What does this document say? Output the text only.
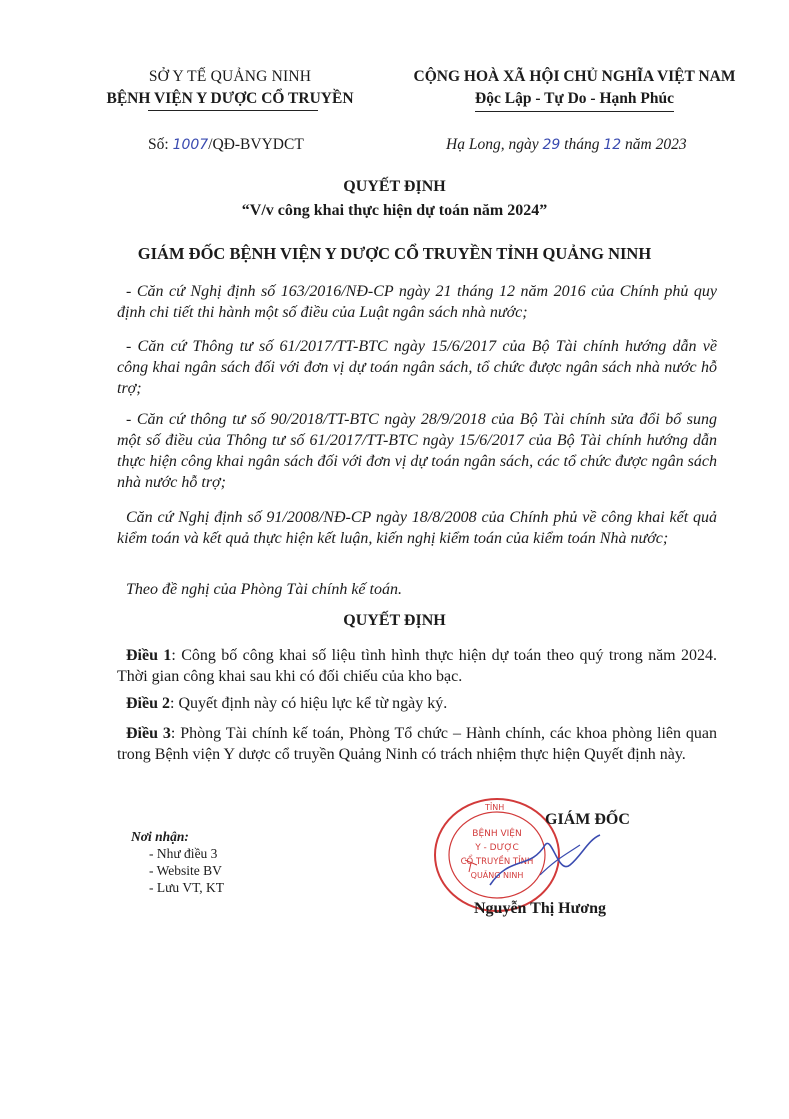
SỞ Y TẾ QUẢNG NINH
BỆNH VIỆN Y DƯỢC CỔ TRUYỀN
CỘNG HOÀ XÃ HỘI CHỦ NGHĨA VIỆT NAM
Độc Lập - Tự Do - Hạnh Phúc
Số: 1007/QĐ-BVYDCT	Hạ Long, ngày 29 tháng 12 năm 2023
QUYẾT ĐỊNH
“V/v công khai thực hiện dự toán năm 2024”
GIÁM ĐỐC BỆNH VIỆN Y DƯỢC CỔ TRUYỀN TỈNH QUẢNG NINH
- Căn cứ Nghị định số 163/2016/NĐ-CP ngày 21 tháng 12 năm 2016 của Chính phủ quy định chi tiết thi hành một số điều của Luật ngân sách nhà nước;
- Căn cứ Thông tư số 61/2017/TT-BTC ngày 15/6/2017 của Bộ Tài chính hướng dẫn về công khai ngân sách đối với đơn vị dự toán ngân sách, tổ chức được ngân sách nhà nước hỗ trợ;
- Căn cứ thông tư số 90/2018/TT-BTC ngày 28/9/2018 của Bộ Tài chính sửa đổi bổ sung một số điều của Thông tư số 61/2017/TT-BTC ngày 15/6/2017 của Bộ Tài chính hướng dẫn thực hiện công khai ngân sách đối với đơn vị dự toán ngân sách, các tổ chức được ngân sách nhà nước hỗ trợ;
Căn cứ Nghị định số 91/2008/NĐ-CP ngày 18/8/2008 của Chính phủ về công khai kết quả kiểm toán và kết quả thực hiện kết luận, kiến nghị kiểm toán của kiểm toán Nhà nước;
Theo đề nghị của Phòng Tài chính kế toán.
QUYẾT ĐỊNH
Điều 1: Công bố công khai số liệu tình hình thực hiện dự toán theo quý trong năm 2024. Thời gian công khai sau khi có đối chiếu của kho bạc.
Điều 2: Quyết định này có hiệu lực kể từ ngày ký.
Điều 3: Phòng Tài chính kế toán, Phòng Tổ chức – Hành chính, các khoa phòng liên quan trong Bệnh viện Y dược cổ truyền Quảng Ninh có trách nhiệm thực hiện Quyết định này.
Nơi nhận:
- Như điều 3
- Website BV
- Lưu VT, KT
TỈNH
BỆNH VIỆN
Y - DƯỢC
CỔ TRUYỀN TỈNH
QUẢNG NINH
GIÁM ĐỐC
Nguyễn Thị Hương
